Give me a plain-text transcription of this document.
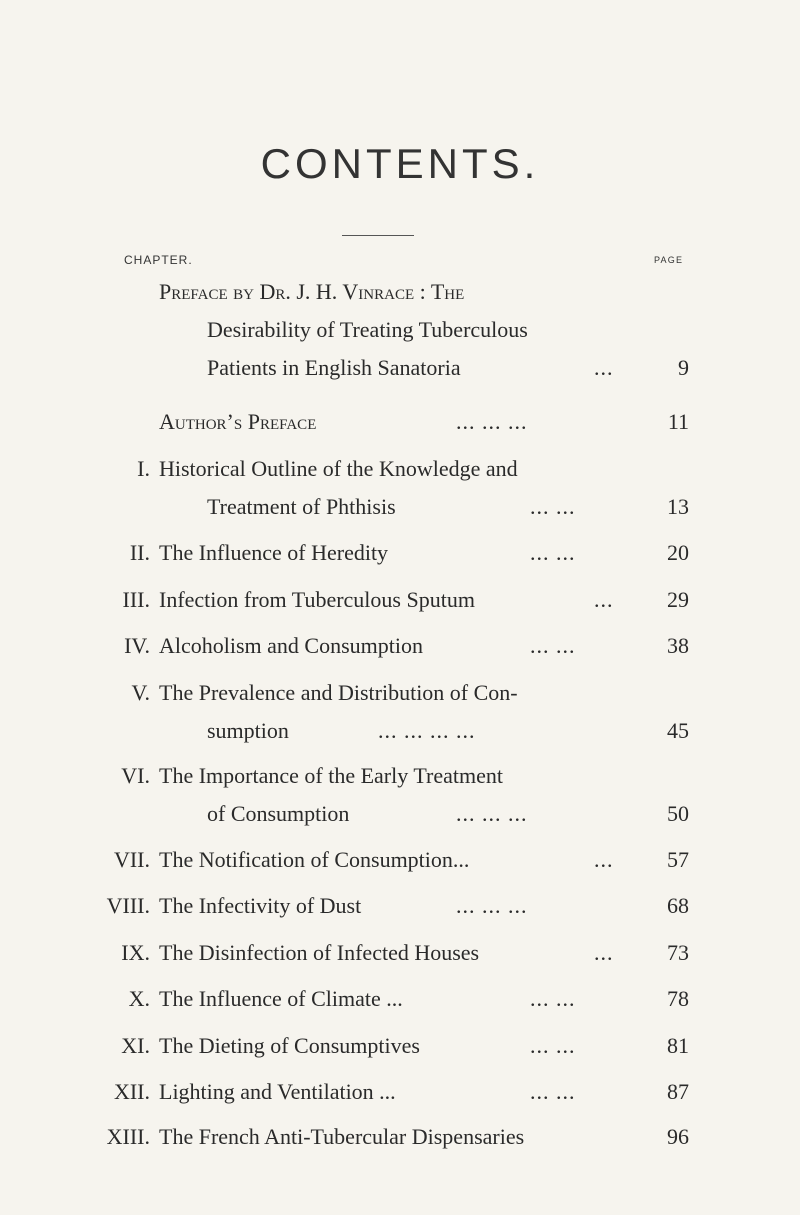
CONTENTS.
CHAPTER.	PAGE
Preface by Dr. J. H. Vinrace : The
Desirability of Treating Tuberculous
Patients in English Sanatoria	...	9
Author’s Preface	... ... ...	11
I. Historical Outline of the Knowledge and
Treatment of Phthisis	... ...	13
II. The Influence of Heredity	... ...	20
III. Infection from Tuberculous Sputum	... 29
IV. Alcoholism and Consumption	... ...	38
V. The Prevalence and Distribution of Con-
sumption	... ... ... ...	45
VI. The Importance of the Early Treatment
of Consumption	... ... ...	50
VII. The Notification of Consumption...	... 57
VIII. The Infectivity of Dust	... ... ...	68
IX. The Disinfection of Infected Houses	... 73
X. The Influence of Climate ...	... ...	78
XI. The Dieting of Consumptives	... ...	81
XII. Lighting and Ventilation ...	... ...	87
XIII. The French Anti-Tubercular Dispensaries	96
